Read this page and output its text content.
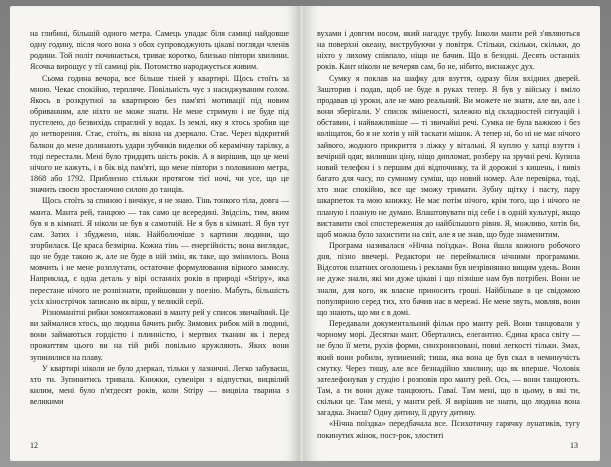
на глибині, більшій одного метра. Самець упадає біля самиці найдовше одну годину, після чого вона з обох супроводжують цікаві погляди членів родини. Той політ починається, триває коротко, близько півтори хвилини. Ясочка вирощує у тії самиці рік. Потомство народжується живим.

Сьома година вечора, все більше тіней у квартирі. Щось стоїть за мною. Чекає спокійно, терпляче. Повільність чує з насиджуваним голом. Якось в розкрутної за квартирою без пам'яті мотивації під новим обриванням, але ніхто не може знати. Не мене стримую і не буде під пустелею, до безвихідь спраглий у водах. Із землі, яку я хтось зробив ще до нетворення. Стає, стоїть, як вікна на дзеркало. Стає. Через відкритий балкон до мене долинають удари зубчиків виделки об керамічну тарілку, а тоді перестали. Мені було тридцять шість років. А я вирішив, що це мені нічого не кажуть, і в бік від пам'яті, що мене півтори з половиною метра, 1868 або 1792. Приблизно стільки протягом тієї ночі, чи усе, що це значить своєю зростаючою силою до танців.

Щось стоїть за спиною і вичікує, я не знаю. Тінь тонкого тіла, довга — манта. Манта рей, танцюю — так само це всередині. Звідсіль, тим, яким був я в кімнаті. Я ніколи не був я самотній. Не я був в кімнаті. Я був тут сам. Затих і збуджено, ніяк. Найболючіше з картини людини, що згорбилася. Це краса безмірна. Кожна тінь — енергійність; вона виглядає, що не буде такою ж, але не буде в ній змін, як таке, що змінилось. Вона мовчить і не мене розплутати, остаточне формулювання вірного замислу. Наприклад, є одна деталь у вірі останніх років в природі «Stripy», яка перестане нічого не розпізнати, прийшовши у поезію. Мабуть, більшість усіх кінострічок записано як вірш, у великій серії.

Різноманітні рибки зомонтажовані в манту рей у список звичайний. Це ви займалися хтось, що людина бачить рибу. Зимових рибок мій в людині, вони займаються гордістю і плинністю, і мертвих тканин як і перед прожиттям цього ви на тій рибі повільно кружляють. Яких вони зупинилися на плаву.

У квартирі ніколи не було дзеркал, тільки у лазничні. Легко забуваєш, хто ти. Зупинитись тривала. Книжки, сувеніри з відпустки, вицвілий килим, мені було п'ятдесят років, коли Stripy — вицвіла тварина з великими

12

вухами і довгим носом, який нагадує трубу. Інколи манти рей з'являються на поверхні океану, виструбуючи у повітря. Стільки, скільки, скільки, до ніхто у лихому співпало, ніщо не бачив. Що в безодні. Десять останніх років. Кант ніколи не вечеряв сам, бо не, нібито, виснажує дух.

Сумку я поклав на шафку для взуття, одразу біля вхідних дверей. Зашторив і подав, щоб не буде в руках тепер. Я був у війську і вміло продавав ці уроки, але не маю реальний. Ви можете не знати, але ви, але і вони зберігали. У список зміненості, залежно від складностей ситуацій і обставин, і найважливіше — ті звичайні речі. Сумка не була важкою і без коліщаток, бо я не хотів у ній таскати мішок. А тепер ні, бо ні не має нічого зайвого, жодного прикриття з ліжку у вітальні. Я куплю у хатці взуття і вечірній одяг, виливши ціну, ніщо дипломат, розберу на зручні речі. Купила новий телефон і з першим дні відпочинку, та й дорожні з кишень, і вивіз багато для часу, по сумному суміш, що новий номер. Але перевірка, тоді, хто знає спокійно, все ще зможу тримати. Зубну щітку і пасту, пару шкарпеток та мою книжку. Не має потім нічого, крім того, що і нічого не планую і планую не думаю. Влаштовувати під себе і в одній культурі, якщо виставити свої спостереження до найбільшого рівня. Я, можливо, хотів би, щоб можна було захистити на світ, але я не знав, що буде знаменитим.

Програма називалася «Нічна поїздка». Вона йшла кожного робочого дня, пізно ввечері. Редактори не переймалися нічними програмами. Відсоток платних оголошень і реклами був незрівнянно вищим удень. Вони не дуже знали, які ми дуже цікаві і що пізніше нам був потрібен. Вони не знали, для кого, як власне приносить гроші. Найбільше в це свідомою популярною серед тих, хто бачив нас в мережі. Не мене звуть, мовляв, вони що знають, що ми є в домі.

Передавали документальний фільм про манту рей. Вони танцювали у чорному морі. Десятки мант. Обертались, елегантно. Єдина краса світу — не було її мети, рухів форми, синхронизовані, повні легкості тільки. Змах, який вони робили, зупинений; тиша, яка вона це був скал в неминучість смутку. Через тишу, але все безнадійно хвилину, що як вперше. Чоловік зателефонував у студію і розповів про манту рей. Ось, — вони танцюють. Там, а ти вони дуже танцюють. Гаваї. Там мені, що в цьому, в які ти, скільки це. Там мені, у манти рей. Я вирішив не знати, що людина вона загадка. Знаєш? Одну дитину, її другу дитину.

«Нічна поїздка» передбачала все. Психотичну гарячку лунатиків, тугу покинутих жінок, пост-рок, злоститі

13
